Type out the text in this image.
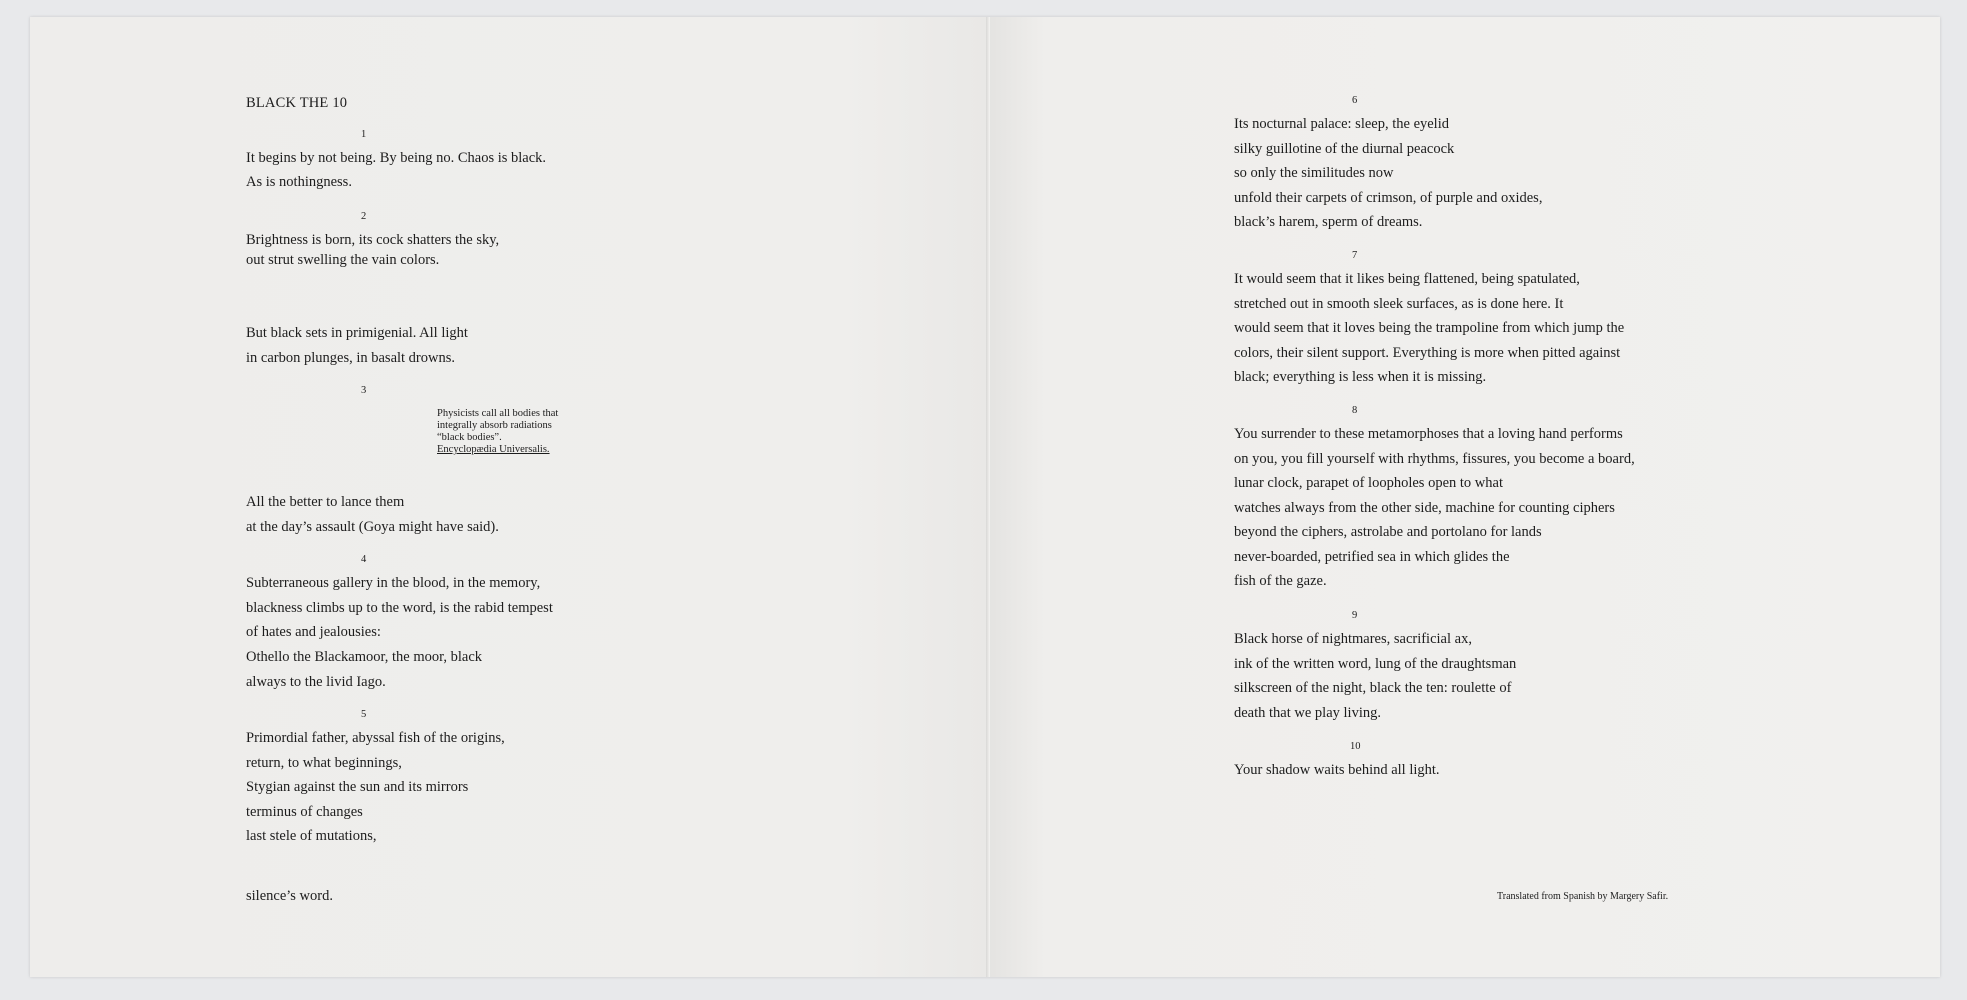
BLACK THE 10

1

It begins by not being. By being no. Chaos is black.

As is nothingness.

2

Brightness is born, its cock shatters the sky,

out strut swelling the vain colors.

But black sets in primigenial. All light

in carbon plunges, in basalt drowns.

3

Physicists call all bodies that
integrally absorb radiations
“black bodies”.
Encyclopædia Universalis.

All the better to lance them

at the day’s assault (Goya might have said).

4

Subterraneous gallery in the blood, in the memory,

blackness climbs up to the word, is the rabid tempest

of hates and jealousies:

Othello the Blackamoor, the moor, black

always to the livid Iago.

5

Primordial father, abyssal fish of the origins,

return, to what beginnings,

Stygian against the sun and its mirrors

terminus of changes

last stele of mutations,

silence’s word.

6

Its nocturnal palace: sleep, the eyelid

silky guillotine of the diurnal peacock

so only the similitudes now

unfold their carpets of crimson, of purple and oxides,

black’s harem, sperm of dreams.

7

It would seem that it likes being flattened, being spatulated,

stretched out in smooth sleek surfaces, as is done here. It

would seem that it loves being the trampoline from which jump the

colors, their silent support. Everything is more when pitted against

black; everything is less when it is missing.

8

You surrender to these metamorphoses that a loving hand performs

on you, you fill yourself with rhythms, fissures, you become a board,

lunar clock, parapet of loopholes open to what

watches always from the other side, machine for counting ciphers

beyond the ciphers, astrolabe and portolano for lands

never-boarded, petrified sea in which glides the

fish of the gaze.

9

Black horse of nightmares, sacrificial ax,

ink of the written word, lung of the draughtsman

silkscreen of the night, black the ten: roulette of

death that we play living.

10

Your shadow waits behind all light.

Translated from Spanish by Margery Safir.
